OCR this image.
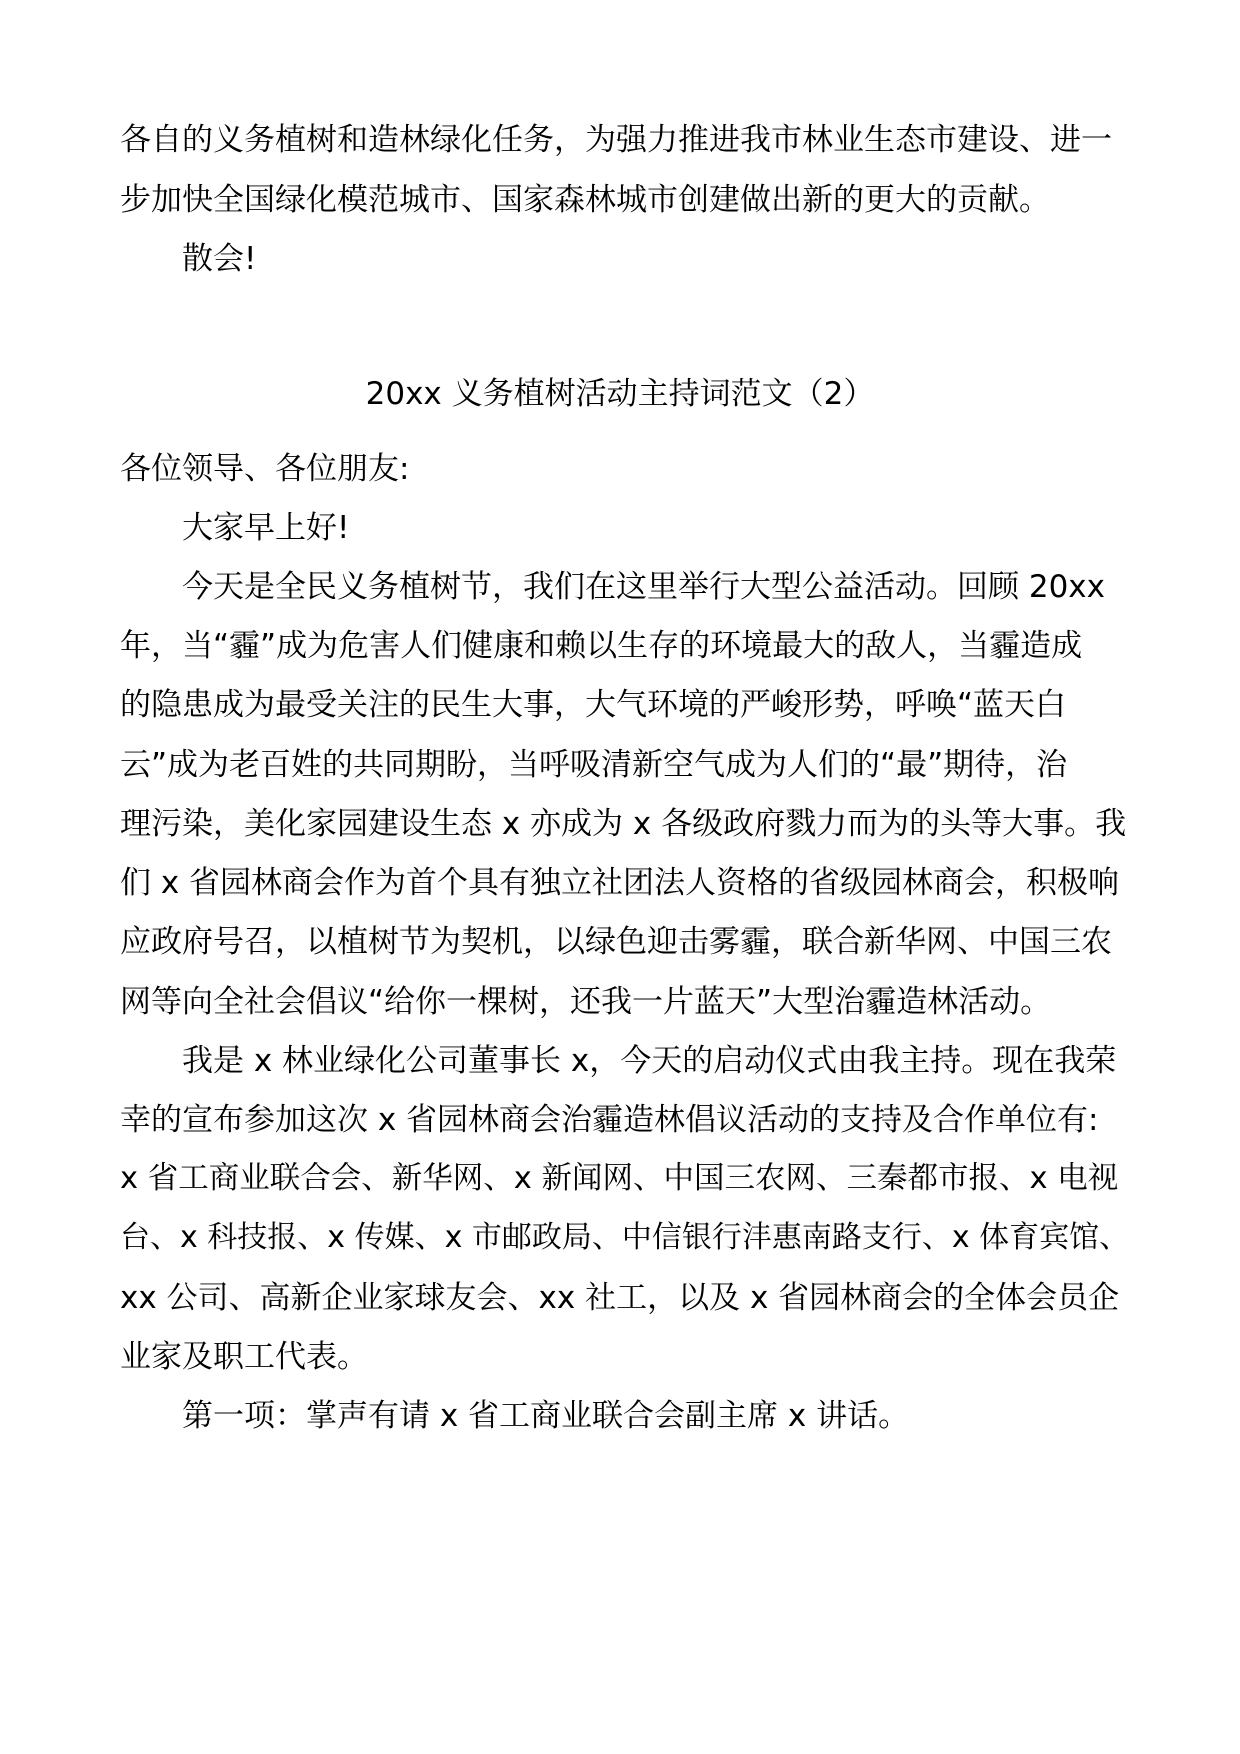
各自的义务植树和造林绿化任务，为强力推进我市林业生态市建设、进一

步加快全国绿化模范城市、国家森林城市创建做出新的更大的贡献。

散会!

20xx 义务植树活动主持词范文（2）

各位领导、各位朋友:

大家早上好!

今天是全民义务植树节，我们在这里举行大型公益活动。回顾 20xx

年，当“霾”成为危害人们健康和赖以生存的环境最大的敌人，当霾造成

的隐患成为最受关注的民生大事，大气环境的严峻形势，呼唤“蓝天白

云”成为老百姓的共同期盼，当呼吸清新空气成为人们的“最”期待，治

理污染，美化家园建设生态 x 亦成为 x 各级政府戮力而为的头等大事。我

们 x 省园林商会作为首个具有独立社团法人资格的省级园林商会，积极响

应政府号召，以植树节为契机，以绿色迎击雾霾，联合新华网、中国三农

网等向全社会倡议“给你一棵树，还我一片蓝天”大型治霾造林活动。

我是 x 林业绿化公司董事长 x，今天的启动仪式由我主持。现在我荣

幸的宣布参加这次 x 省园林商会治霾造林倡议活动的支持及合作单位有:

x 省工商业联合会、新华网、x 新闻网、中国三农网、三秦都市报、x 电视

台、x 科技报、x 传媒、x 市邮政局、中信银行沣惠南路支行、x 体育宾馆、

xx 公司、高新企业家球友会、xx 社工，以及 x 省园林商会的全体会员企

业家及职工代表。

第一项：掌声有请 x 省工商业联合会副主席 x 讲话。
